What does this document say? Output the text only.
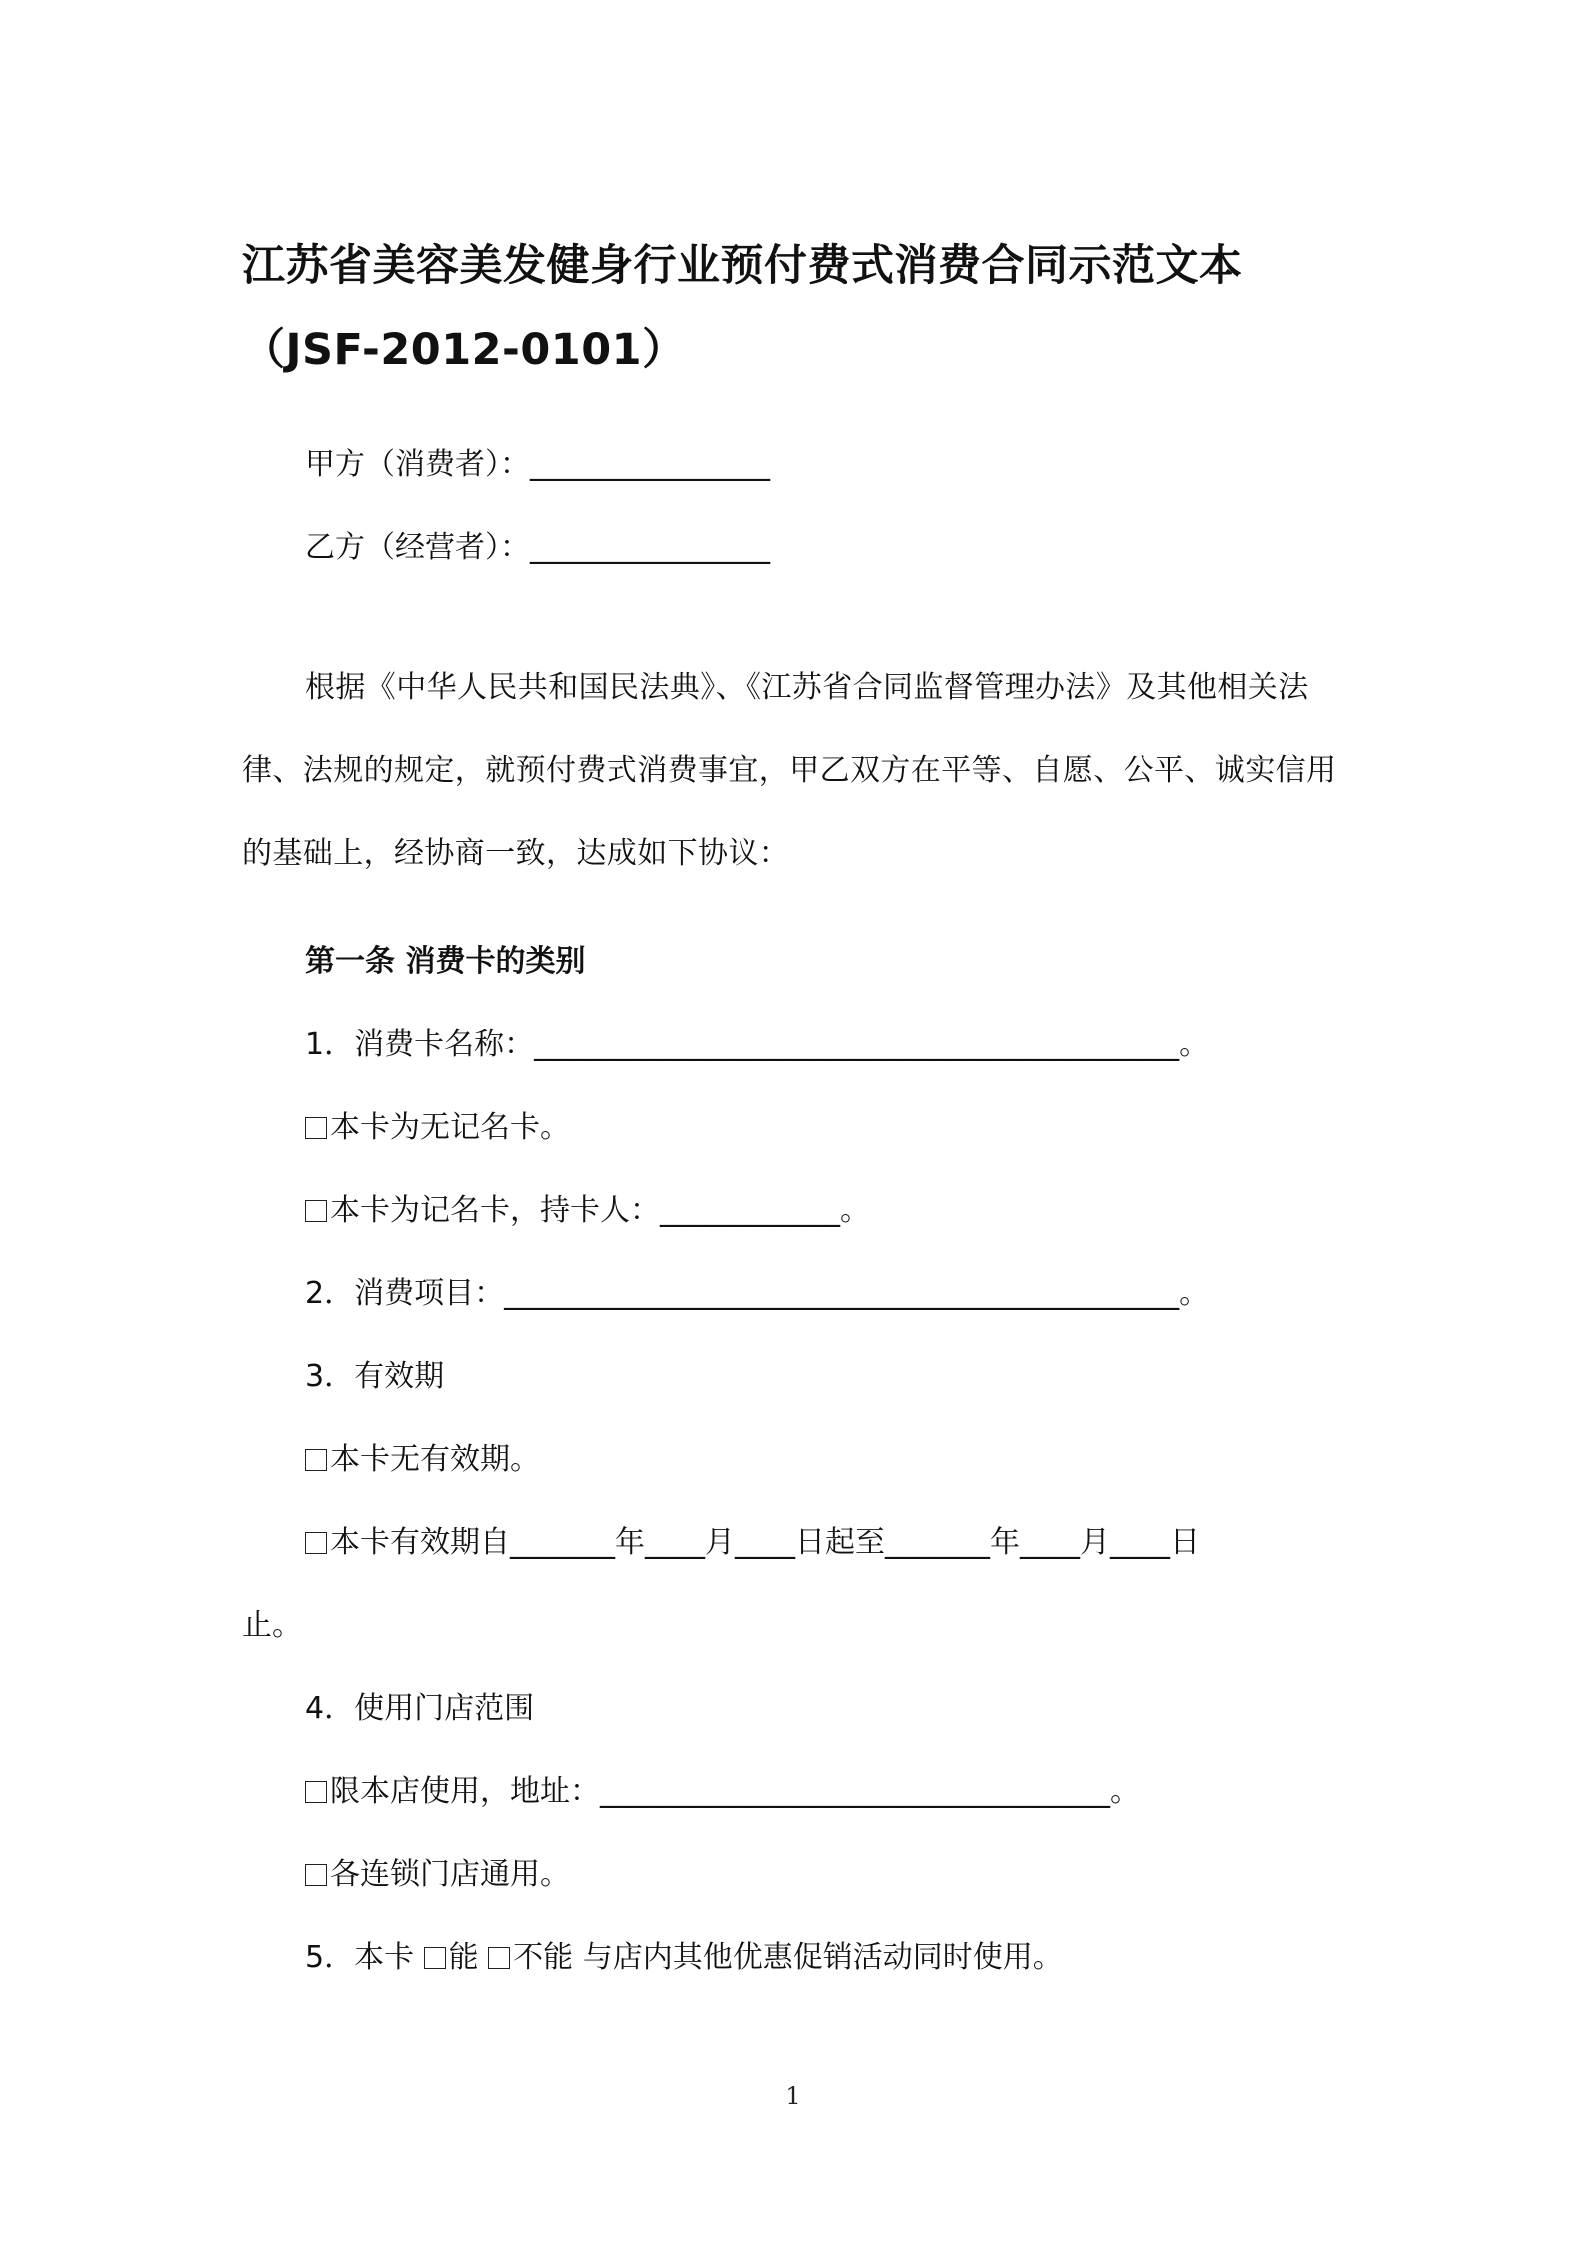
江苏省美容美发健身行业预付费式消费合同示范文本（JSF-2012-0101）
甲方（消费者）：________________
乙方（经营者）：________________
根据《中华人民共和国民法典》、《江苏省合同监督管理办法》及其他相关法律、法规的规定，就预付费式消费事宜，甲乙双方在平等、自愿、公平、诚实信用的基础上，经协商一致，达成如下协议：
第一条 消费卡的类别
1．消费卡名称：___________________________________________。
本卡为无记名卡。
本卡为记名卡，持卡人：____________。
2．消费项目：_____________________________________________。
3．有效期
本卡无有效期。
本卡有效期自_______年____月____日起至_______年____月____日
止。
4．使用门店范围
限本店使用，地址：__________________________________。
各连锁门店通用。
5．本卡 能 不能 与店内其他优惠促销活动同时使用。
1
